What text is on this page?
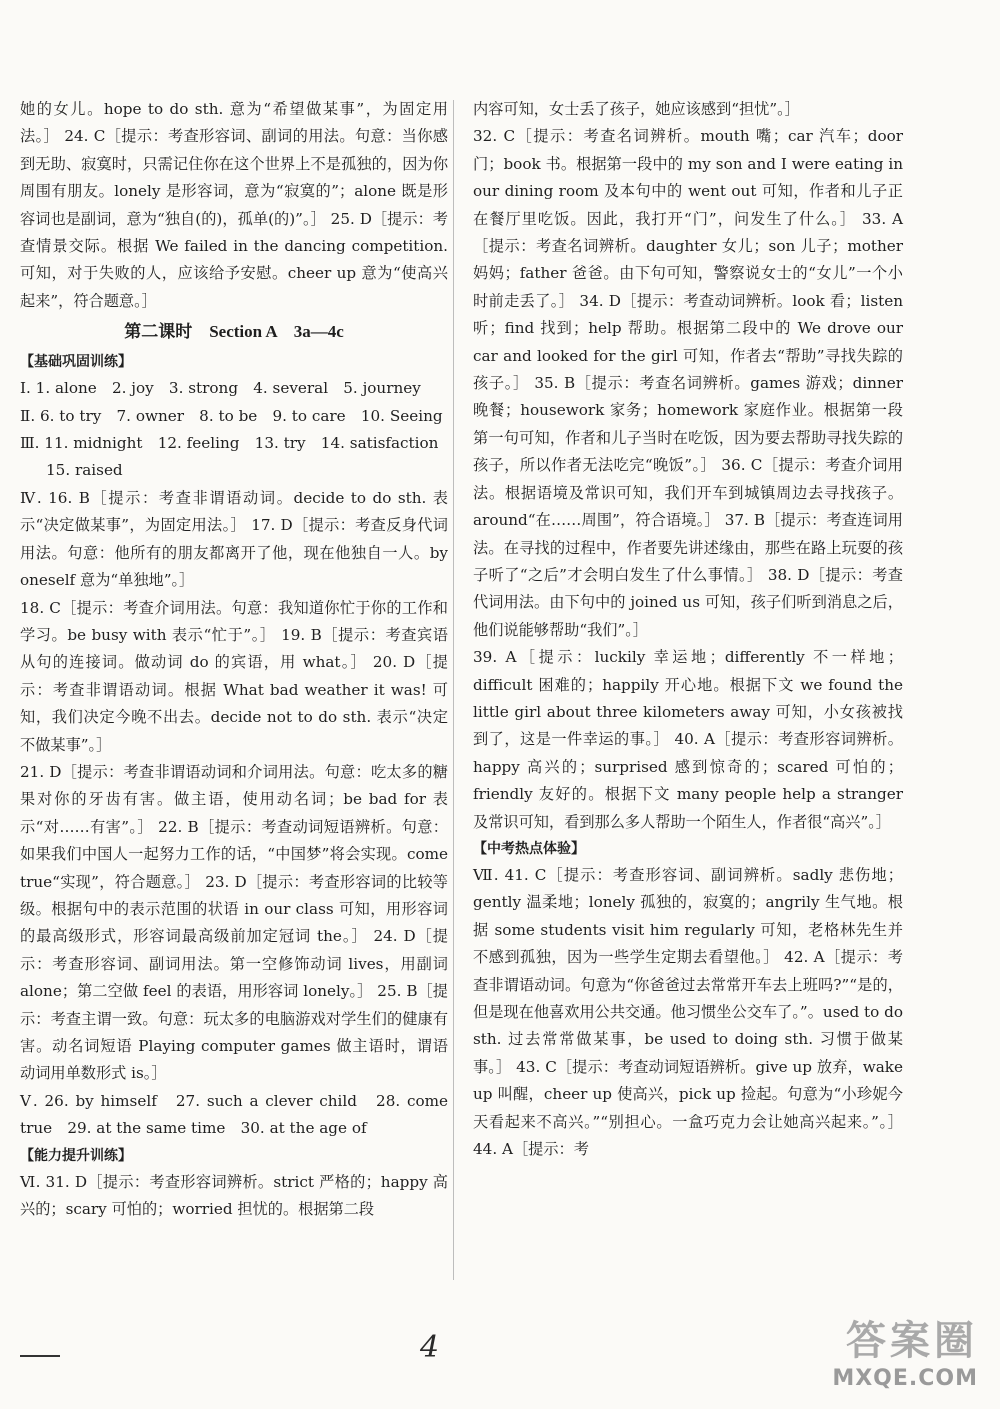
她的女儿。hope to do sth. 意为“希望做某事”，为固定用法。］ 24. C［提示：考查形容词、副词的用法。句意：当你感到无助、寂寞时，只需记住你在这个世界上不是孤独的，因为你周围有朋友。lonely 是形容词，意为“寂寞的”；alone 既是形容词也是副词，意为“独自(的)，孤单(的)”。］ 25. D［提示：考查情景交际。根据 We failed in the dancing competition. 可知，对于失败的人，应该给予安慰。cheer up 意为“使高兴起来”，符合题意。］

第二课时　Section A　3a—4c
【基础巩固训练】

Ⅰ. 1. alone　2. joy　3. strong　4. several　5. journey

Ⅱ. 6. to try　7. owner　8. to be　9. to care　10. Seeing

Ⅲ. 11. midnight　12. feeling　13. try　14. satisfaction

15. raised

Ⅳ. 16. B［提示：考查非谓语动词。decide to do sth. 表示“决定做某事”，为固定用法。］ 17. D［提示：考查反身代词用法。句意：他所有的朋友都离开了他，现在他独自一人。by oneself 意为“单独地”。］

18. C［提示：考查介词用法。句意：我知道你忙于你的工作和学习。be busy with 表示“忙于”。］ 19. B［提示：考查宾语从句的连接词。做动词 do 的宾语，用 what。］ 20. D［提示：考查非谓语动词。根据 What bad weather it was! 可知，我们决定今晚不出去。decide not to do sth. 表示“决定不做某事”。］

21. D［提示：考查非谓语动词和介词用法。句意：吃太多的糖果对你的牙齿有害。做主语，使用动名词；be bad for 表示“对……有害”。］ 22. B［提示：考查动词短语辨析。句意：如果我们中国人一起努力工作的话，“中国梦”将会实现。come true“实现”，符合题意。］ 23. D［提示：考查形容词的比较等级。根据句中的表示范围的状语 in our class 可知，用形容词的最高级形式，形容词最高级前加定冠词 the。］ 24. D［提示：考查形容词、副词用法。第一空修饰动词 lives，用副词 alone；第二空做 feel 的表语，用形容词 lonely。］ 25. B［提示：考查主谓一致。句意：玩太多的电脑游戏对学生们的健康有害。动名词短语 Playing computer games 做主语时，谓语动词用单数形式 is。］

Ⅴ. 26. by himself　27. such a clever child　28. come true　29. at the same time　30. at the age of

【能力提升训练】

Ⅵ. 31. D［提示：考查形容词辨析。strict 严格的；happy 高兴的；scary 可怕的；worried 担忧的。根据第二段

内容可知，女士丢了孩子，她应该感到“担忧”。］

32. C［提示：考查名词辨析。mouth 嘴；car 汽车；door 门；book 书。根据第一段中的 my son and I were eating in our dining room 及本句中的 went out 可知，作者和儿子正在餐厅里吃饭。因此，我打开“门”，问发生了什么。］ 33. A［提示：考查名词辨析。daughter 女儿；son 儿子；mother 妈妈；father 爸爸。由下句可知，警察说女士的“女儿”一个小时前走丢了。］ 34. D［提示：考查动词辨析。look 看；listen 听；find 找到；help 帮助。根据第二段中的 We drove our car and looked for the girl 可知，作者去“帮助”寻找失踪的孩子。］ 35. B［提示：考查名词辨析。games 游戏；dinner 晚餐；housework 家务；homework 家庭作业。根据第一段第一句可知，作者和儿子当时在吃饭，因为要去帮助寻找失踪的孩子，所以作者无法吃完“晚饭”。］ 36. C［提示：考查介词用法。根据语境及常识可知，我们开车到城镇周边去寻找孩子。around“在……周围”，符合语境。］ 37. B［提示：考查连词用法。在寻找的过程中，作者要先讲述缘由，那些在路上玩耍的孩子听了“之后”才会明白发生了什么事情。］ 38. D［提示：考查代词用法。由下句中的 joined us 可知，孩子们听到消息之后，他们说能够帮助“我们”。］

39. A［提示：luckily 幸运地；differently 不一样地；difficult 困难的；happily 开心地。根据下文 we found the little girl about three kilometers away 可知，小女孩被找到了，这是一件幸运的事。］ 40. A［提示：考查形容词辨析。happy 高兴的；surprised 感到惊奇的；scared 可怕的；friendly 友好的。根据下文 many people help a stranger 及常识可知，看到那么多人帮助一个陌生人，作者很“高兴”。］

【中考热点体验】

Ⅶ. 41. C［提示：考查形容词、副词辨析。sadly 悲伤地；gently 温柔地；lonely 孤独的，寂寞的；angrily 生气地。根据 some students visit him regularly 可知，老格林先生并不感到孤独，因为一些学生定期去看望他。］ 42. A［提示：考查非谓语动词。句意为“你爸爸过去常常开车去上班吗?”“是的，但是现在他喜欢用公共交通。他习惯坐公交车了。”。used to do sth. 过去常常做某事，be used to doing sth. 习惯于做某事。］ 43. C［提示：考查动词短语辨析。give up 放弃，wake up 叫醒，cheer up 使高兴，pick up 捡起。句意为“小珍妮今天看起来不高兴。”“别担心。一盒巧克力会让她高兴起来。”。］ 44. A［提示：考

4	答案圈
MXQE.COM
